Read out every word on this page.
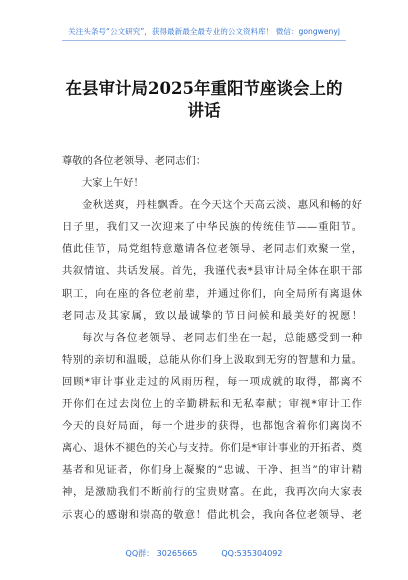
关注头条号“公文研究”，获得最新最全最专业的公文资料库！ 微信：gongwenyj
在县审计局2025年重阳节座谈会上的
讲话
尊敬的各位老领导、老同志们：
大家上午好！
金秋送爽，丹桂飘香。在今天这个天高云淡、惠风和畅的好
日子里，我们又一次迎来了中华民族的传统佳节——重阳节。
值此佳节，局党组特意邀请各位老领导、老同志们欢聚一堂，
共叙情谊、共话发展。首先，我谨代表*县审计局全体在职干部
职工，向在座的各位老前辈，并通过你们，向全局所有离退休
老同志及其家属，致以最诚挚的节日问候和最美好的祝愿！
每次与各位老领导、老同志们坐在一起，总能感受到一种
特别的亲切和温暖，总能从你们身上汲取到无穷的智慧和力量。
回顾*审计事业走过的风雨历程，每一项成就的取得，都离不
开你们在过去岗位上的辛勤耕耘和无私奉献；审视*审计工作
今天的良好局面，每一个进步的获得，也都饱含着你们离岗不
离心、退休不褪色的关心与支持。你们是*审计事业的开拓者、奠
基者和见证者，你们身上凝聚的“忠诚、干净、担当”的审计精
神，是激励我们不断前行的宝贵财富。在此，我再次向大家表
示衷心的感谢和崇高的敬意！借此机会，我向各位老领导、老
QQ群： 30265665	QQ:535304092
